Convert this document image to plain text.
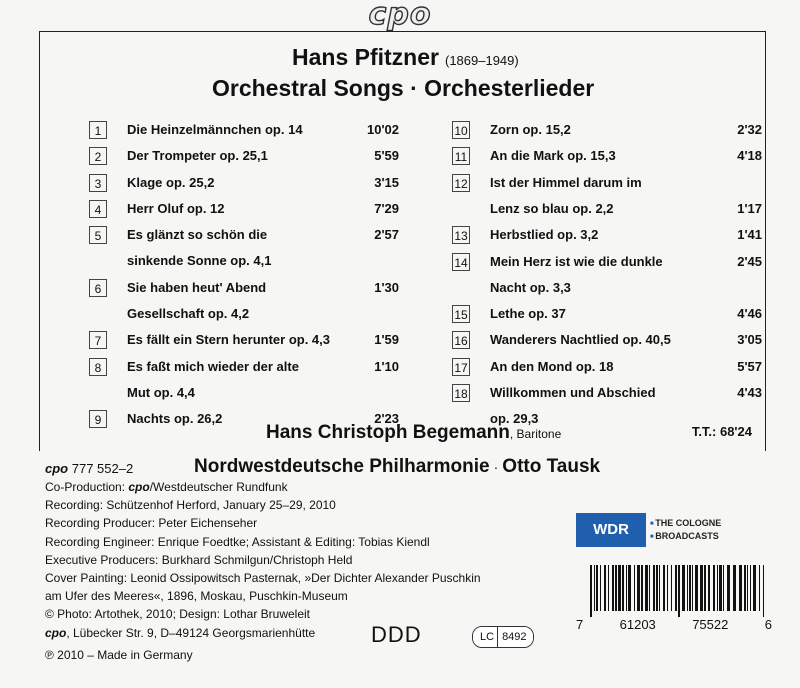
cpo
Hans Pfitzner (1869–1949)
Orchestral Songs · Orchesterlieder
1	Die Heinzelmännchen op. 14	10'02
2	Der Trompeter op. 25,1	5'59
3	Klage op. 25,2	3'15
4	Herr Oluf op. 12	7'29
5	Es glänzt so schön die
sinkende Sonne op. 4,1
2'57
6	Sie haben heut' Abend
Gesellschaft op. 4,2
1'30
7	Es fällt ein Stern herunter op. 4,3	1'59
8	Es faßt mich wieder der alte
Mut op. 4,4
1'10
9	Nachts op. 26,2	2'23
10 Zorn op. 15,2	2'32
11 An die Mark op. 15,3	4'18
12 Ist der Himmel darum im
Lenz so blau op. 2,2	1'17
13 Herbstlied op. 3,2	1'41
14 Mein Herz ist wie die dunkle
Nacht op. 3,3
2'45
15 Lethe op. 37	4'46
16 Wanderers Nachtlied op. 40,5	3'05
17 An den Mond op. 18	5'57
18 Willkommen und Abschied
op. 29,3
4'43
Hans Christoph Begemann, Baritone	T.T.: 68'24
cpo 777 552–2	Nordwestdeutsche Philharmonie · Otto Tausk
Co-Production: cpo/Westdeutscher Rundfunk
Recording: Schützenhof Herford, January 25–29, 2010
Recording Producer: Peter Eichenseher
Recording Engineer: Enrique Foedtke; Assistant & Editing: Tobias Kiendl
Executive Producers: Burkhard Schmilgun/Christoph Held
Cover Painting: Leonid Ossipowitsch Pasternak, »Der Dichter Alexander Puschkin
am Ufer des Meeres«, 1896, Moskau, Puschkin-Museum
© Photo: Artothek, 2010; Design: Lothar Bruweleit
cpo, Lübecker Str. 9, D–49124 Georgsmarienhütte
℗ 2010 – Made in Germany
DDD	LC 8492
WDR
■	THE COLOGNE
■ BROADCASTS
7	61203	75522	6
